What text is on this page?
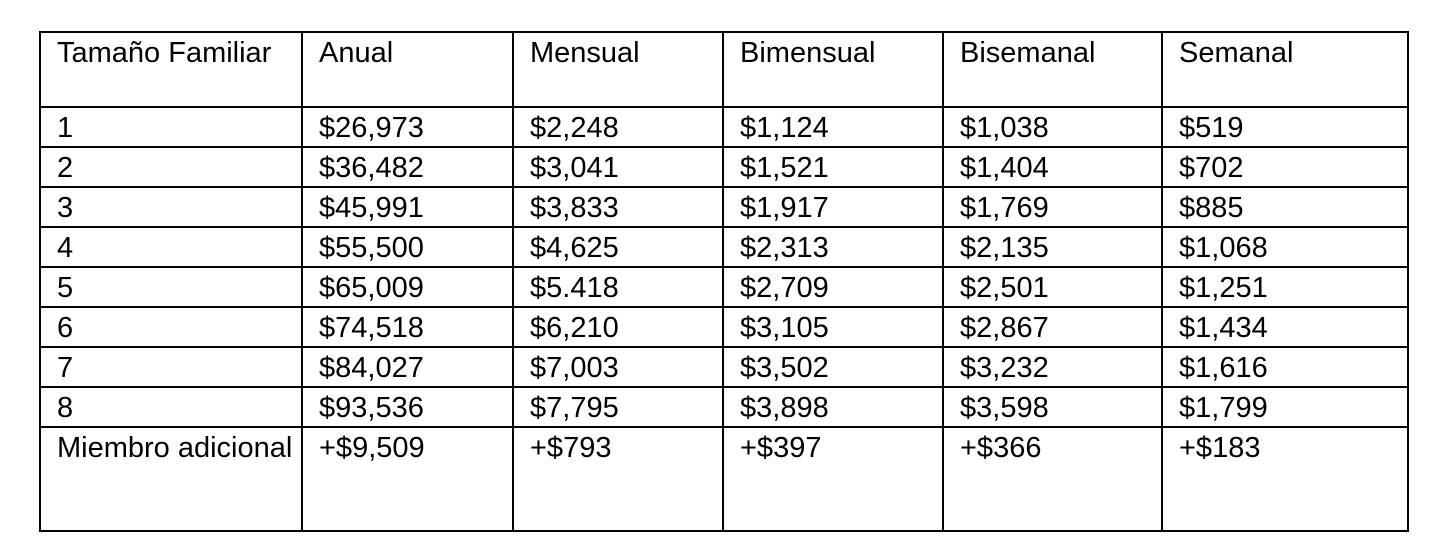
Tamaño Familiar	Anual	Mensual	Bimensual	Bisemanal	Semanal
1	$26,973	$2,248	$1,124	$1,038	$519
2	$36,482	$3,041	$1,521	$1,404	$702
3	$45,991	$3,833	$1,917	$1,769	$885
4	$55,500	$4,625	$2,313	$2,135	$1,068
5	$65,009	$5.418	$2,709	$2,501	$1,251
6	$74,518	$6,210	$3,105	$2,867	$1,434
7	$84,027	$7,003	$3,502	$3,232	$1,616
8	$93,536	$7,795	$3,898	$3,598	$1,799
Miembro adicional	+$9,509	+$793	+$397	+$366	+$183
